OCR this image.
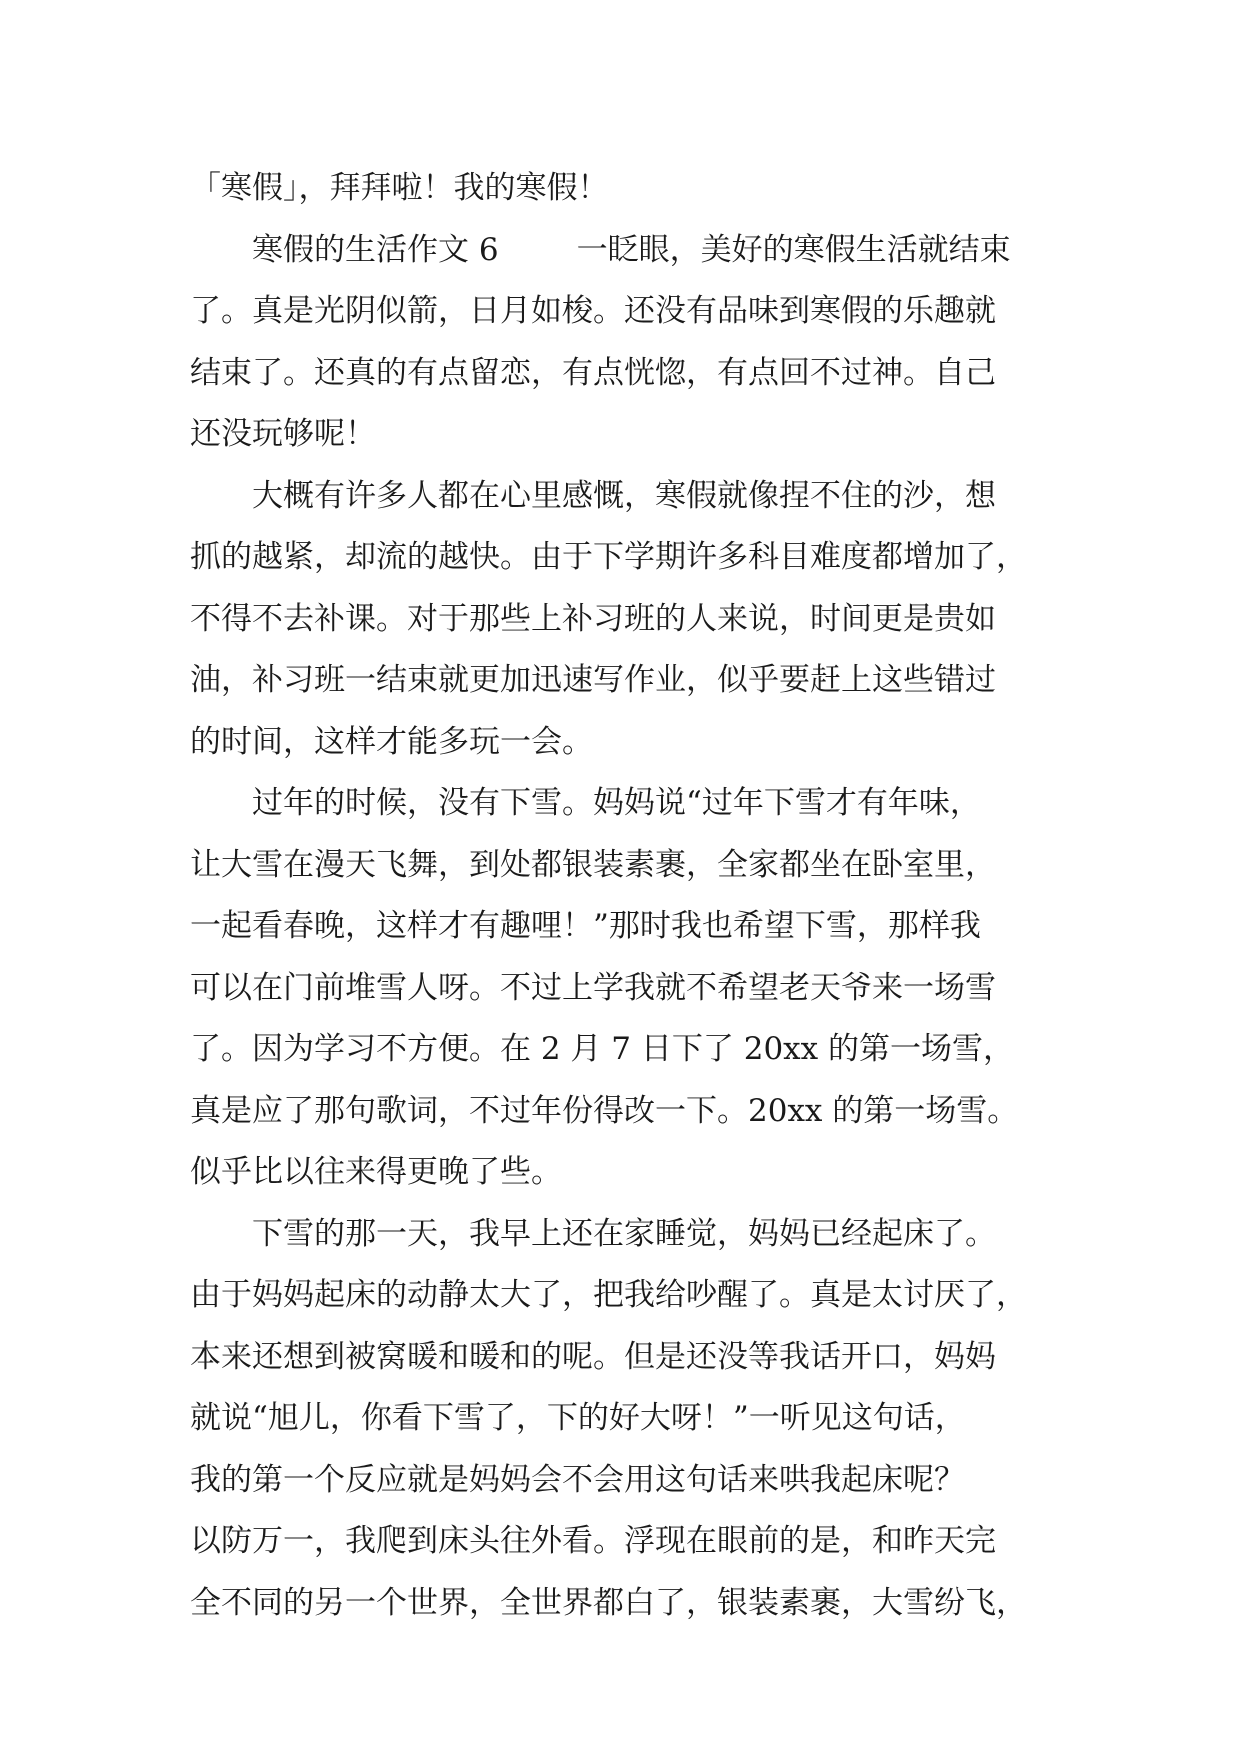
「寒假」，拜拜啦！我的寒假！
寒假的生活作文 6	一眨眼，美好的寒假生活就结束
了。真是光阴似箭，日月如梭。还没有品味到寒假的乐趣就
结束了。还真的有点留恋，有点恍惚，有点回不过神。自己
还没玩够呢！
大概有许多人都在心里感慨，寒假就像捏不住的沙，想
抓的越紧，却流的越快。由于下学期许多科目难度都增加了，
不得不去补课。对于那些上补习班的人来说，时间更是贵如
油，补习班一结束就更加迅速写作业，似乎要赶上这些错过
的时间，这样才能多玩一会。
过年的时候，没有下雪。妈妈说“过年下雪才有年味，
让大雪在漫天飞舞，到处都银装素裹，全家都坐在卧室里，
一起看春晚，这样才有趣哩！”那时我也希望下雪，那样我
可以在门前堆雪人呀。不过上学我就不希望老天爷来一场雪
了。因为学习不方便。在 2 月 7 日下了 20xx 的第一场雪，
真是应了那句歌词，不过年份得改一下。20xx 的第一场雪。
似乎比以往来得更晚了些。
下雪的那一天，我早上还在家睡觉，妈妈已经起床了。
由于妈妈起床的动静太大了，把我给吵醒了。真是太讨厌了，
本来还想到被窝暖和暖和的呢。但是还没等我话开口，妈妈
就说“旭儿，你看下雪了，下的好大呀！”一听见这句话，
我的第一个反应就是妈妈会不会用这句话来哄我起床呢？
以防万一，我爬到床头往外看。浮现在眼前的是，和昨天完
全不同的另一个世界，全世界都白了，银装素裹，大雪纷飞，
